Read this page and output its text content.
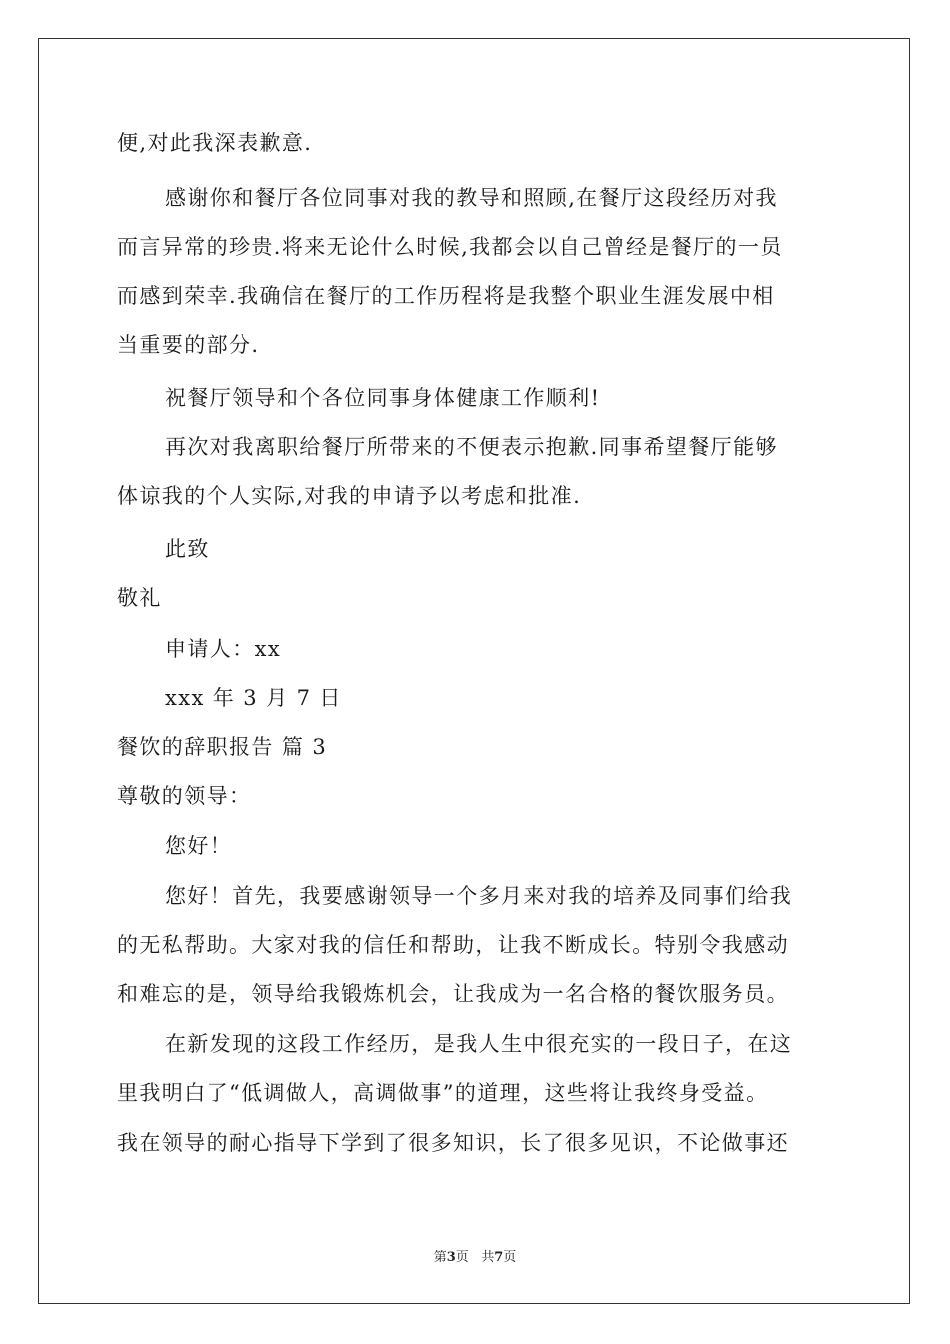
便,对此我深表歉意.
感谢你和餐厅各位同事对我的教导和照顾,在餐厅这段经历对我
而言异常的珍贵.将来无论什么时候,我都会以自己曾经是餐厅的一员
而感到荣幸.我确信在餐厅的工作历程将是我整个职业生涯发展中相
当重要的部分.
祝餐厅领导和个各位同事身体健康工作顺利!
再次对我离职给餐厅所带来的不便表示抱歉.同事希望餐厅能够
体谅我的个人实际,对我的申请予以考虑和批准.
此致
敬礼
申请人：xx
xxx 年 3 月 7 日
餐饮的辞职报告 篇 3
尊敬的领导：
您好！
您好！首先，我要感谢领导一个多月来对我的培养及同事们给我
的无私帮助。大家对我的信任和帮助，让我不断成长。特别令我感动
和难忘的是，领导给我锻炼机会，让我成为一名合格的餐饮服务员。
在新发现的这段工作经历，是我人生中很充实的一段日子，在这
里我明白了“低调做人，高调做事”的道理，这些将让我终身受益。
我在领导的耐心指导下学到了很多知识，长了很多见识，不论做事还
第3页 共7页
